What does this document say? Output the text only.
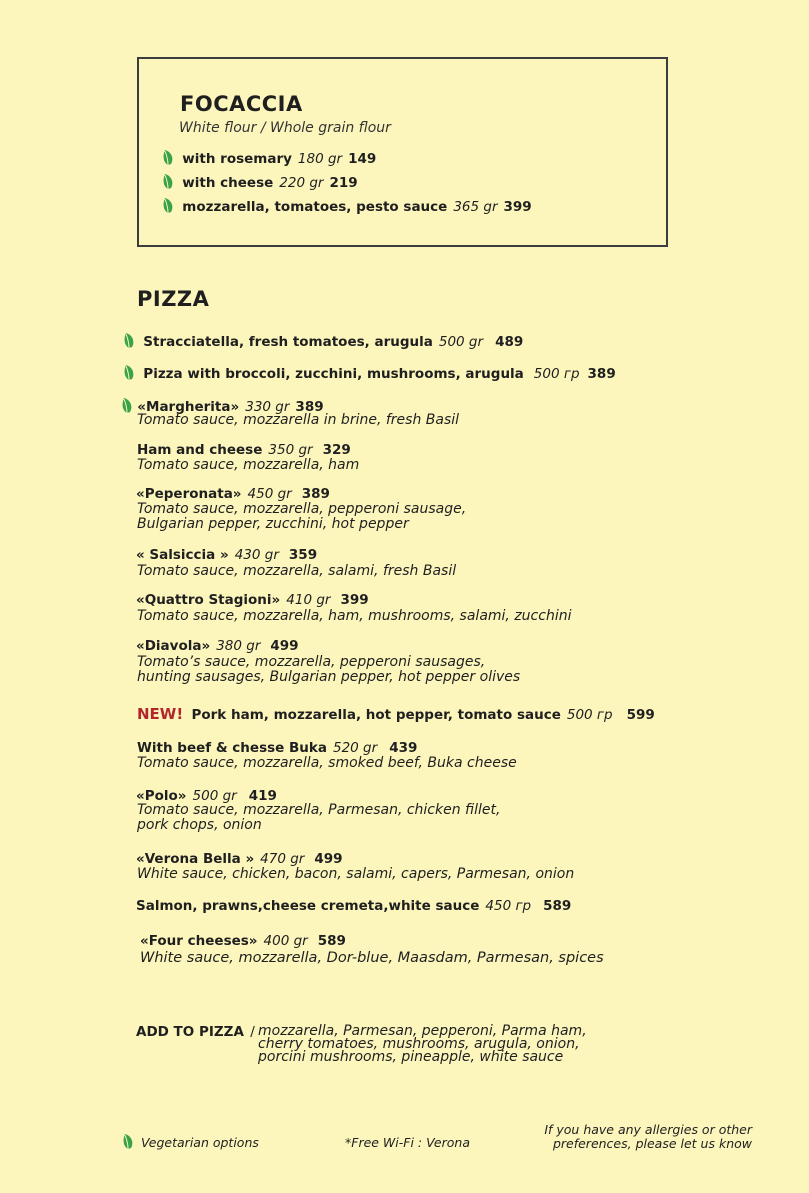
FOCACCIA
White flour / Whole grain flour
with rosemary 180 gr 149
with cheese 220 gr 219
mozzarella, tomatoes, pesto sauce 365 gr 399
PIZZA
Stracciatella, fresh tomatoes, arugula 500 gr 489
Pizza with broccoli, zucchini, mushrooms, arugula 500 гр 389
«Margherita» 330 gr 389
Tomato sauce, mozzarella in brine, fresh Basil
Ham and cheese 350 gr 329
Tomato sauce, mozzarella, ham
«Peperonata» 450 gr 389
Tomato sauce, mozzarella, pepperoni sausage,
Bulgarian pepper, zucchini, hot pepper
« Salsiccia » 430 gr 359
Tomato sauce, mozzarella, salami, fresh Basil
«Quattro Stagioni» 410 gr 399
Tomato sauce, mozzarella, ham, mushrooms, salami, zucchini
«Diavola» 380 gr 499
Tomato’s sauce, mozzarella, pepperoni sausages,
hunting sausages, Bulgarian pepper, hot pepper olives
NEW! Pork ham, mozzarella, hot pepper, tomato sauce 500 гр 599
With beef & chesse Buka 520 gr 439
Tomato sauce, mozzarella, smoked beef, Buka cheese
«Polo» 500 gr 419
Tomato sauce, mozzarella, Parmesan, chicken fillet,
pork chops, onion
«Verona Bella » 470 gr 499
White sauce, chicken, bacon, salami, capers, Parmesan, onion
Salmon, prawns,cheese cremeta,white sauce 450 гр 589
«Four cheeses» 400 gr 589
White sauce, mozzarella, Dor-blue, Maasdam, Parmesan, spices
ADD TO PIZZA / mozzarella, Parmesan, pepperoni, Parma ham,
cherry tomatoes, mushrooms, arugula, onion,
porcini mushrooms, pineapple, white sauce
Vegetarian options	*Free Wi-Fi : Verona
If you have any allergies or other
preferences, please let us know
